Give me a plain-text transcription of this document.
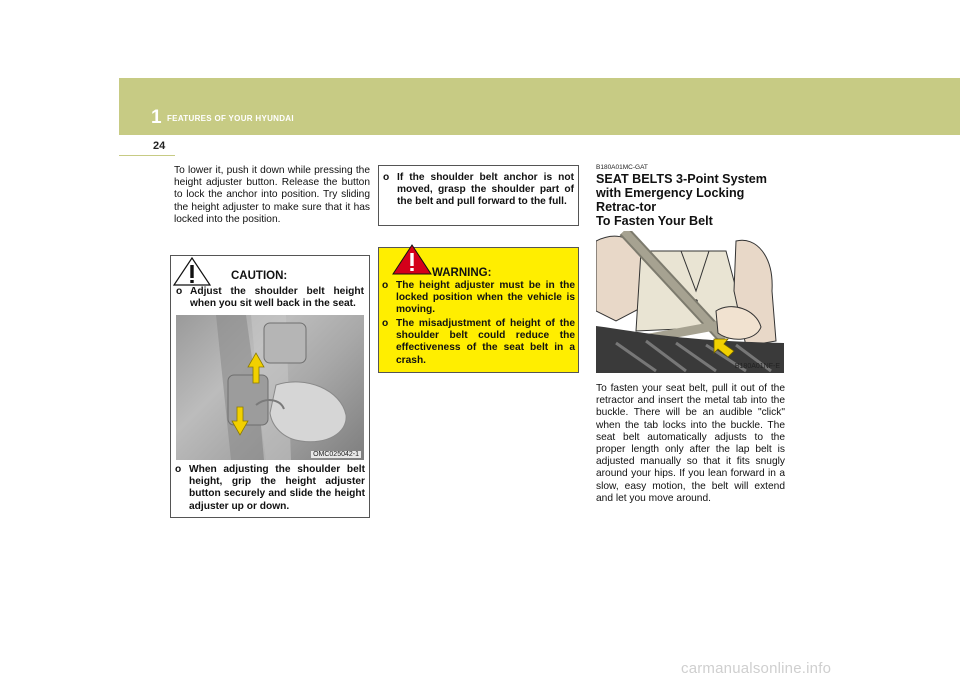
1 FEATURES OF YOUR HYUNDAI
24
To lower it, push it down while pressing the height adjuster button. Release the button to lock the anchor into position. Try sliding the height adjuster to make sure that it has locked into the position.
CAUTION:
o Adjust the shoulder belt height when you sit well back in the seat.
OMC025042-1
o When adjusting the shoulder belt height, grip the height adjuster button securely and slide the height adjuster up or down.
o If the shoulder belt anchor is not moved, grasp the shoulder part of the belt and pull forward to the full.
WARNING:
o The height adjuster must be in the locked position when the vehicle is moving.
o The misadjustment of height of the shoulder belt could reduce the effectiveness of the seat belt in a crash.
B180A01MC-GAT
SEAT BELTS 3-Point System with Emergency Locking Retrac-tor
To Fasten Your Belt
B180A01NF-E
To fasten your seat belt, pull it out of the retractor and insert the metal tab into the buckle. There will be an audible "click" when the tab locks into the buckle. The seat belt automatically adjusts to the proper length only after the lap belt is adjusted manually so that it fits snugly around your hips. If you lean forward in a slow, easy motion, the belt will extend and let you move around.
carmanualsonline.info
